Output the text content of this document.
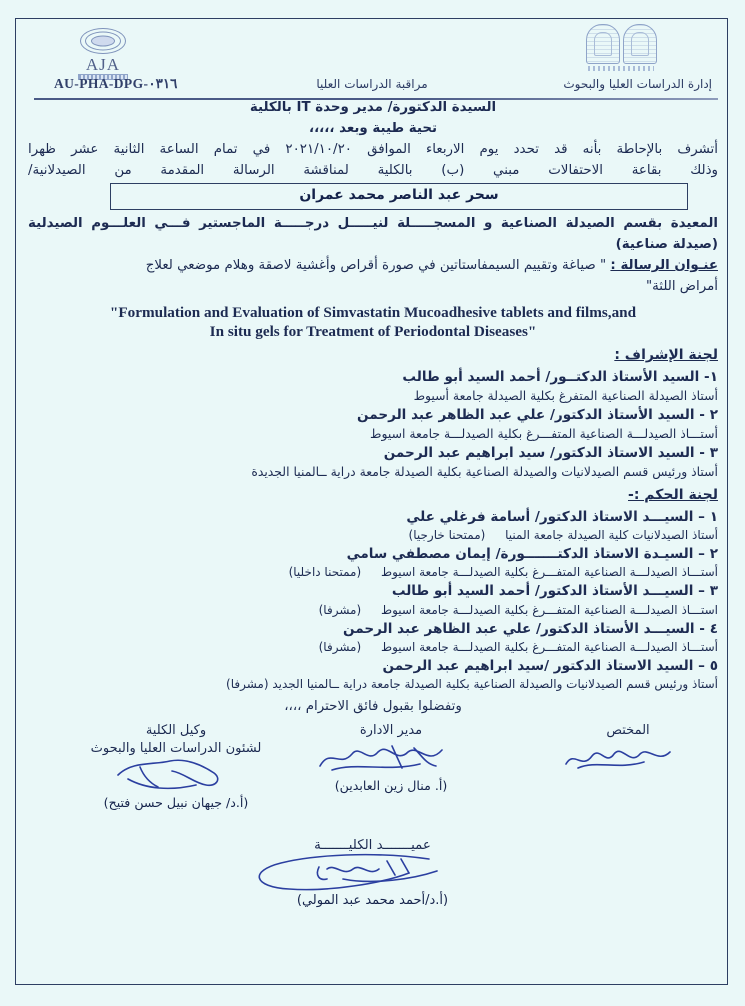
AJA
AU-PHA-DPG-٠٣١٦	مراقبة الدراسات العليا	إدارة الدراسات العليا والبحوث

السيدة الدكتورة/ مدير وحدة IT بالكلية

تحية طيبة وبعد ،،،،،

أتشرف بالإحاطة بأنه قد تحدد يوم الاربعاء الموافق ٢٠٢١/١٠/٢٠ في تمام الساعة الثانية عشر ظهرا

وذلك بقاعة الاحتفالات مبني (ب) بالكلية لمناقشة الرسالة المقدمة من الصيدلانية/

سحر عبد الناصر محمد عمران

المعيدة بقسم الصيدلة الصناعية و المسجـــــلة لنيـــــل درجـــــة الماجستير فـــي العلـــوم الصيدلية

(صيدلة صناعية)

عنـوان الرسالة : " صياغة وتقييم السيمفاستاتين في صورة أقراص وأغشية لاصقة وهلام موضعي لعلاج

أمراض اللثة"

"Formulation and Evaluation of Simvastatin Mucoadhesive tablets and films,and
In situ gels for Treatment of Periodontal Diseases"

لجنة الإشراف :

١- السيد الأستاذ الدكتــور/ أحمد السيد أبو طالب

أستاذ الصيدلة الصناعية المتفرغ بكلية الصيدلة جامعة أسيوط

٢ - السيد الأستاذ الدكتور/ علي عبد الظاهر عبد الرحمن

أستـــاذ الصيدلـــة الصناعية المتفـــرغ بكلية الصيدلـــة جامعة اسيوط

٣ - السيد الاستاذ الدكتور/ سيد ابراهيم عبد الرحمن

أستاذ ورئيس قسم الصيدلانيات والصيدلة الصناعية بكلية الصيدلة جامعة دراية ــالمنيا الجديدة

لجنة الحكم :-

١ – السيـــد الاستاذ الدكتور/ أسامة فرغلي علي

أستاذ الصيدلانيات كلية الصيدلة جامعة المنيا (ممتحنا خارجيا)

٢ – السيـدة الاستاذ الدكتـــــــورة/ إيمان مصطفي سامي

أستـــاذ الصيدلـــة الصناعية المتفـــرغ بكلية الصيدلـــة جامعة اسيوط (ممتحنا داخليا)

٣ – السيـــد الأستاذ الدكتور/ أحمد السيد أبو طالب

استـــاذ الصيدلـــة الصناعية المتفـــرغ بكلية الصيدلـــة جامعة اسيوط (مشرفا)

٤ - السيـــد الأستاذ الدكتور/ علي عبد الظاهر عبد الرحمن

أستـــاذ الصيدلـــة الصناعية المتفـــرغ بكلية الصيدلـــة جامعة اسيوط (مشرفا)

٥ – السيد الاستاذ الدكتور /سيد ابراهيم عبد الرحمن

أستاذ ورئيس قسم الصيدلانيات والصيدلة الصناعية بكلية الصيدلة جامعة دراية ــالمنيا الجديد (مشرفا)

وتفضلوا بقبول فائق الاحترام ،،،،

المختص
مدير الادارة
(أ. منال زين العابدين)
وكيل الكلية
لشئون الدراسات العليا والبحوث
(أ.د/ جيهان نبيل حسن فتيح)
عميـــــــد الكليـــــــة
(أ.د/أحمد محمد عبد المولي)
